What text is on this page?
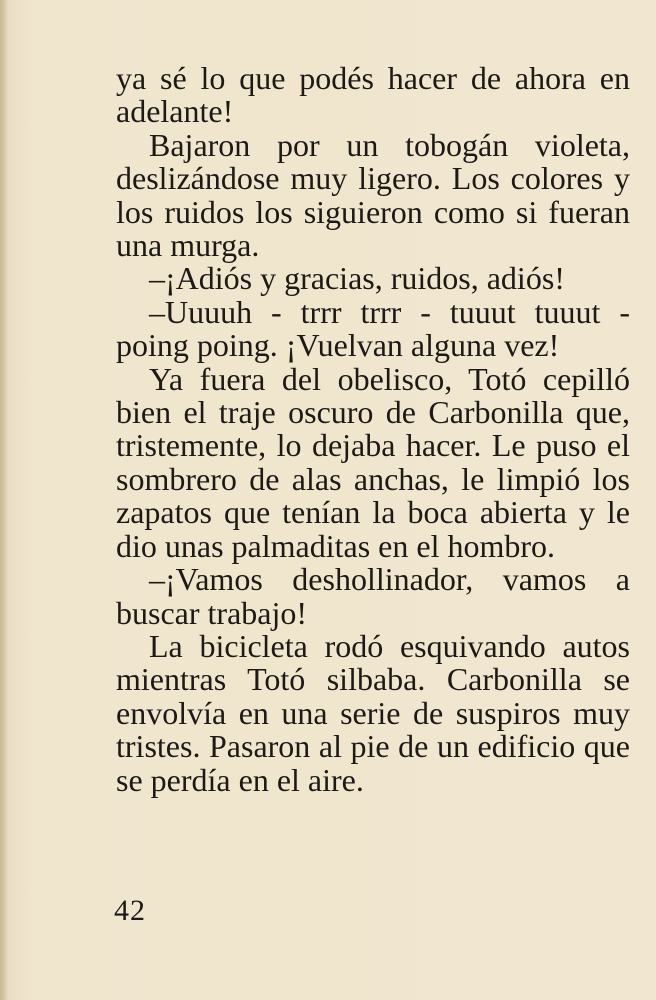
ya sé lo que podés hacer de ahora en adelante!

Bajaron por un tobogán violeta, deslizándose muy ligero. Los colores y los ruidos los siguieron como si fueran una murga.

–¡Adiós y gracias, ruidos, adiós!

–Uuuuh - trrr trrr - tuuut tuuut - poing poing. ¡Vuelvan alguna vez!

Ya fuera del obelisco, Totó cepilló bien el traje oscuro de Carbonilla que, tristemente, lo dejaba hacer. Le puso el sombrero de alas anchas, le limpió los zapatos que tenían la boca abierta y le dio unas palmaditas en el hombro.

–¡Vamos deshollinador, vamos a buscar trabajo!

La bicicleta rodó esquivando autos mientras Totó silbaba. Carbonilla se envolvía en una serie de suspiros muy tristes. Pasaron al pie de un edificio que se perdía en el aire.

42
